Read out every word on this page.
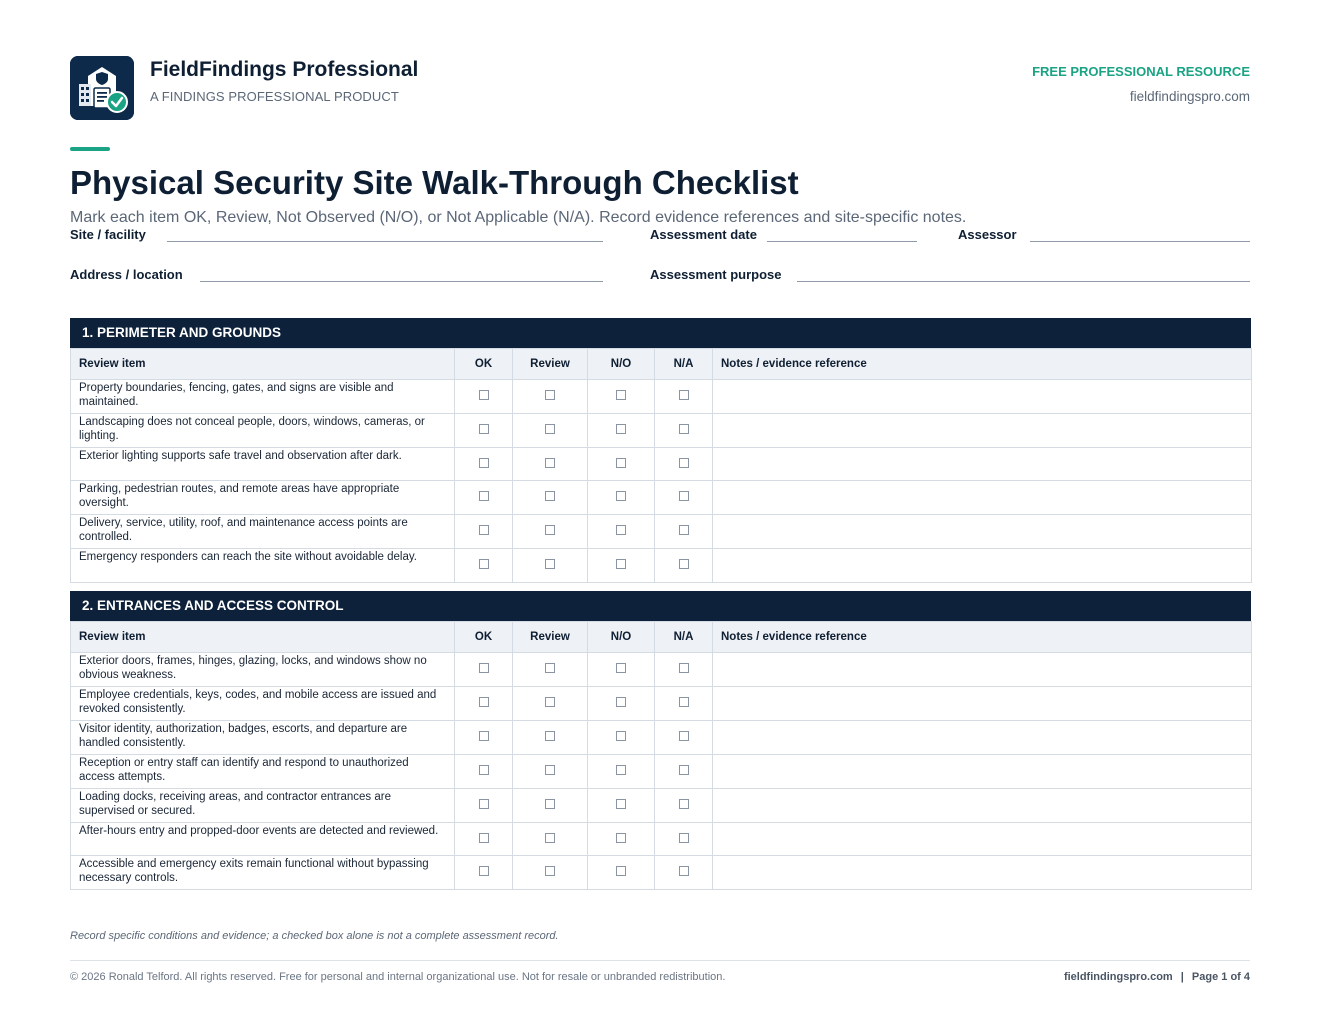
FieldFindings Professional
A FINDINGS PROFESSIONAL PRODUCT
FREE PROFESSIONAL RESOURCE
fieldfindingspro.com
Physical Security Site Walk-Through Checklist
Mark each item OK, Review, Not Observed (N/O), or Not Applicable (N/A). Record evidence references and site-specific notes.
Site / facility	Assessment date	Assessor
Address / location	Assessment purpose
1. PERIMETER AND GROUNDS
Review item	OK	Review	N/O	N/A	Notes / evidence reference
Property boundaries, fencing, gates, and signs are visible and maintained.					
Landscaping does not conceal people, doors, windows, cameras, or lighting.					
Exterior lighting supports safe travel and observation after dark.					
Parking, pedestrian routes, and remote areas have appropriate oversight.					
Delivery, service, utility, roof, and maintenance access points are controlled.					
Emergency responders can reach the site without avoidable delay.					
2. ENTRANCES AND ACCESS CONTROL
Review item	OK	Review	N/O	N/A	Notes / evidence reference
Exterior doors, frames, hinges, glazing, locks, and windows show no obvious weakness.					
Employee credentials, keys, codes, and mobile access are issued and revoked consistently.					
Visitor identity, authorization, badges, escorts, and departure are handled consistently.					
Reception or entry staff can identify and respond to unauthorized access attempts.					
Loading docks, receiving areas, and contractor entrances are supervised or secured.					
After-hours entry and propped-door events are detected and reviewed.					
Accessible and emergency exits remain functional without bypassing necessary controls.					
Record specific conditions and evidence; a checked box alone is not a complete assessment record.
© 2026 Ronald Telford. All rights reserved. Free for personal and internal organizational use. Not for resale or unbranded redistribution.	fieldfindingspro.com | Page 1 of 4
